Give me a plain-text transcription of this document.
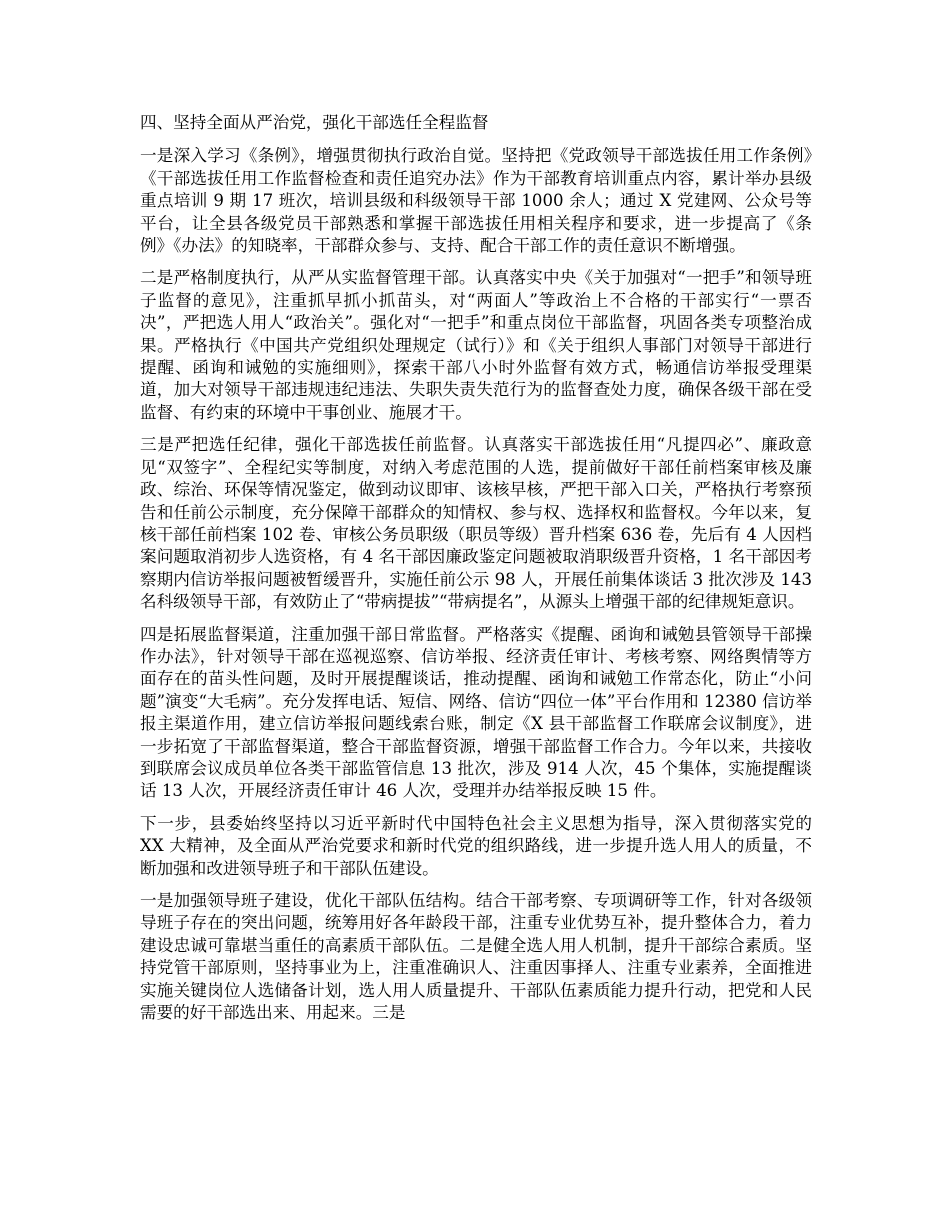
四、坚持全面从严治党，强化干部选任全程监督
一是深入学习《条例》，增强贯彻执行政治自觉。坚持把《党政领导干部选拔任用工作条例》《干部选拔任用工作监督检查和责任追究办法》作为干部教育培训重点内容，累计举办县级重点培训 9 期 17 班次，培训县级和科级领导干部 1000 余人；通过 X 党建网、公众号等平台，让全县各级党员干部熟悉和掌握干部选拔任用相关程序和要求，进一步提高了《条例》《办法》的知晓率，干部群众参与、支持、配合干部工作的责任意识不断增强。
二是严格制度执行，从严从实监督管理干部。认真落实中央《关于加强对“一把手”和领导班子监督的意见》，注重抓早抓小抓苗头，对“两面人”等政治上不合格的干部实行“一票否决”，严把选人用人“政治关”。强化对“一把手”和重点岗位干部监督，巩固各类专项整治成果。严格执行《中国共产党组织处理规定（试行）》和《关于组织人事部门对领导干部进行提醒、函询和诫勉的实施细则》，探索干部八小时外监督有效方式，畅通信访举报受理渠道，加大对领导干部违规违纪违法、失职失责失范行为的监督查处力度，确保各级干部在受监督、有约束的环境中干事创业、施展才干。
三是严把选任纪律，强化干部选拔任前监督。认真落实干部选拔任用“凡提四必”、廉政意见“双签字”、全程纪实等制度，对纳入考虑范围的人选，提前做好干部任前档案审核及廉政、综治、环保等情况鉴定，做到动议即审、该核早核，严把干部入口关，严格执行考察预告和任前公示制度，充分保障干部群众的知情权、参与权、选择权和监督权。今年以来，复核干部任前档案 102 卷、审核公务员职级（职员等级）晋升档案 636 卷，先后有 4 人因档案问题取消初步人选资格，有 4 名干部因廉政鉴定问题被取消职级晋升资格，1 名干部因考察期内信访举报问题被暂缓晋升，实施任前公示 98 人，开展任前集体谈话 3 批次涉及 143 名科级领导干部，有效防止了“带病提拔”“带病提名”，从源头上增强干部的纪律规矩意识。
四是拓展监督渠道，注重加强干部日常监督。严格落实《提醒、函询和诫勉县管领导干部操作办法》，针对领导干部在巡视巡察、信访举报、经济责任审计、考核考察、网络舆情等方面存在的苗头性问题，及时开展提醒谈话，推动提醒、函询和诫勉工作常态化，防止“小问题”演变“大毛病”。充分发挥电话、短信、网络、信访“四位一体”平台作用和 12380 信访举报主渠道作用，建立信访举报问题线索台账，制定《X 县干部监督工作联席会议制度》，进一步拓宽了干部监督渠道，整合干部监督资源，增强干部监督工作合力。今年以来，共接收到联席会议成员单位各类干部监管信息 13 批次，涉及 914 人次，45 个集体，实施提醒谈话 13 人次，开展经济责任审计 46 人次，受理并办结举报反映 15 件。
下一步，县委始终坚持以习近平新时代中国特色社会主义思想为指导，深入贯彻落实党的 XX 大精神，及全面从严治党要求和新时代党的组织路线，进一步提升选人用人的质量，不断加强和改进领导班子和干部队伍建设。
一是加强领导班子建设，优化干部队伍结构。结合干部考察、专项调研等工作，针对各级领导班子存在的突出问题，统筹用好各年龄段干部，注重专业优势互补，提升整体合力，着力建设忠诚可靠堪当重任的高素质干部队伍。二是健全选人用人机制，提升干部综合素质。坚持党管干部原则，坚持事业为上，注重准确识人、注重因事择人、注重专业素养，全面推进实施关键岗位人选储备计划，选人用人质量提升、干部队伍素质能力提升行动，把党和人民需要的好干部选出来、用起来。三是
